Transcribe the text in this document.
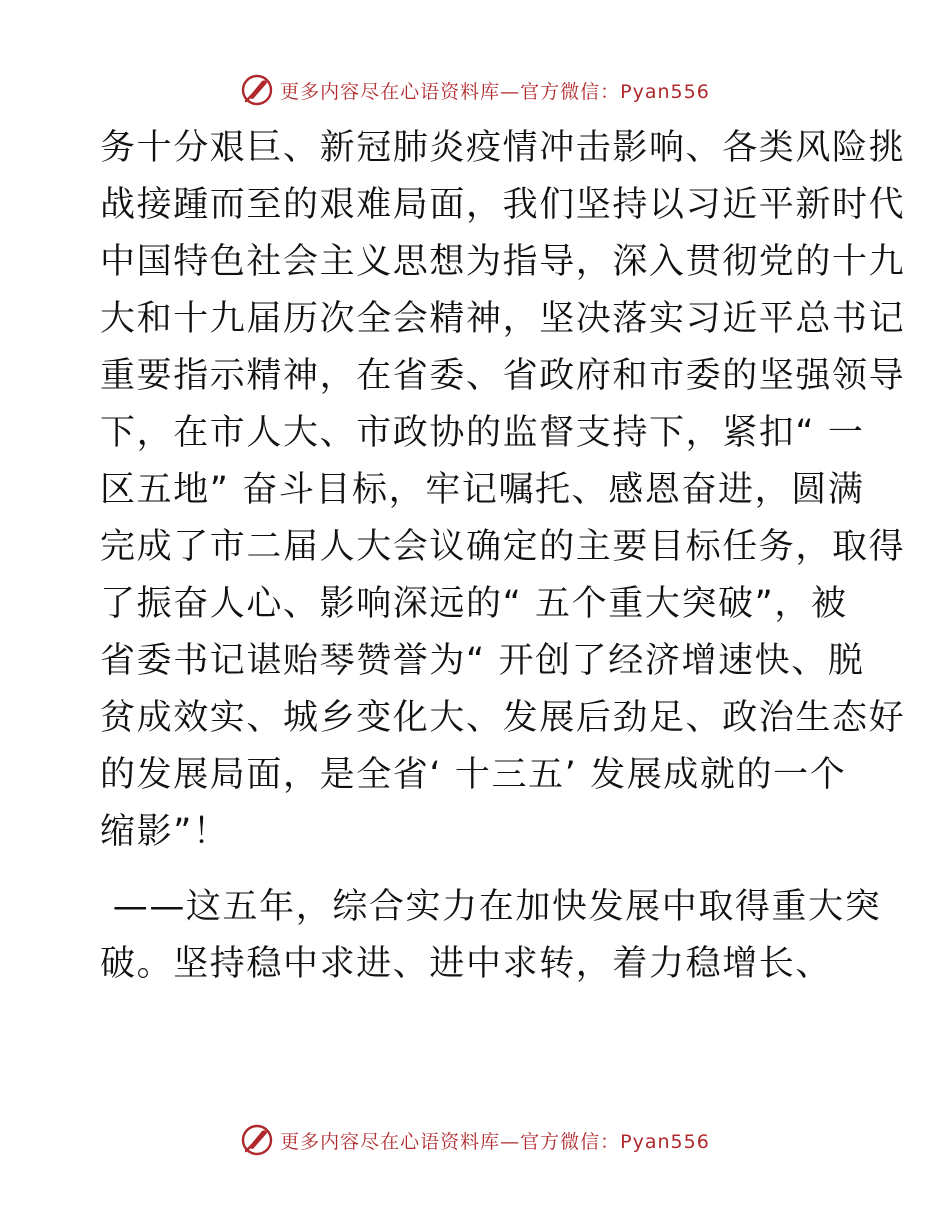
更多内容尽在心语资料库—官方微信：Pyan556
务十分艰巨、新冠肺炎疫情冲击影响、各类风险挑
战接踵而至的艰难局面，我们坚持以习近平新时代
中国特色社会主义思想为指导，深入贯彻党的十九
大和十九届历次全会精神，坚决落实习近平总书记
重要指示精神，在省委、省政府和市委的坚强领导
下，在市人大、市政协的监督支持下，紧扣“ 一
区五地” 奋斗目标，牢记嘱托、感恩奋进，圆满
完成了市二届人大会议确定的主要目标任务，取得
了振奋人心、影响深远的“ 五个重大突破”，被
省委书记谌贻琴赞誉为“ 开创了经济增速快、脱
贫成效实、城乡变化大、发展后劲足、政治生态好
的发展局面，是全省‘ 十三五’ 发展成就的一个
缩影”！
——这五年，综合实力在加快发展中取得重大突
破。坚持稳中求进、进中求转，着力稳增长、
更多内容尽在心语资料库—官方微信：Pyan556
